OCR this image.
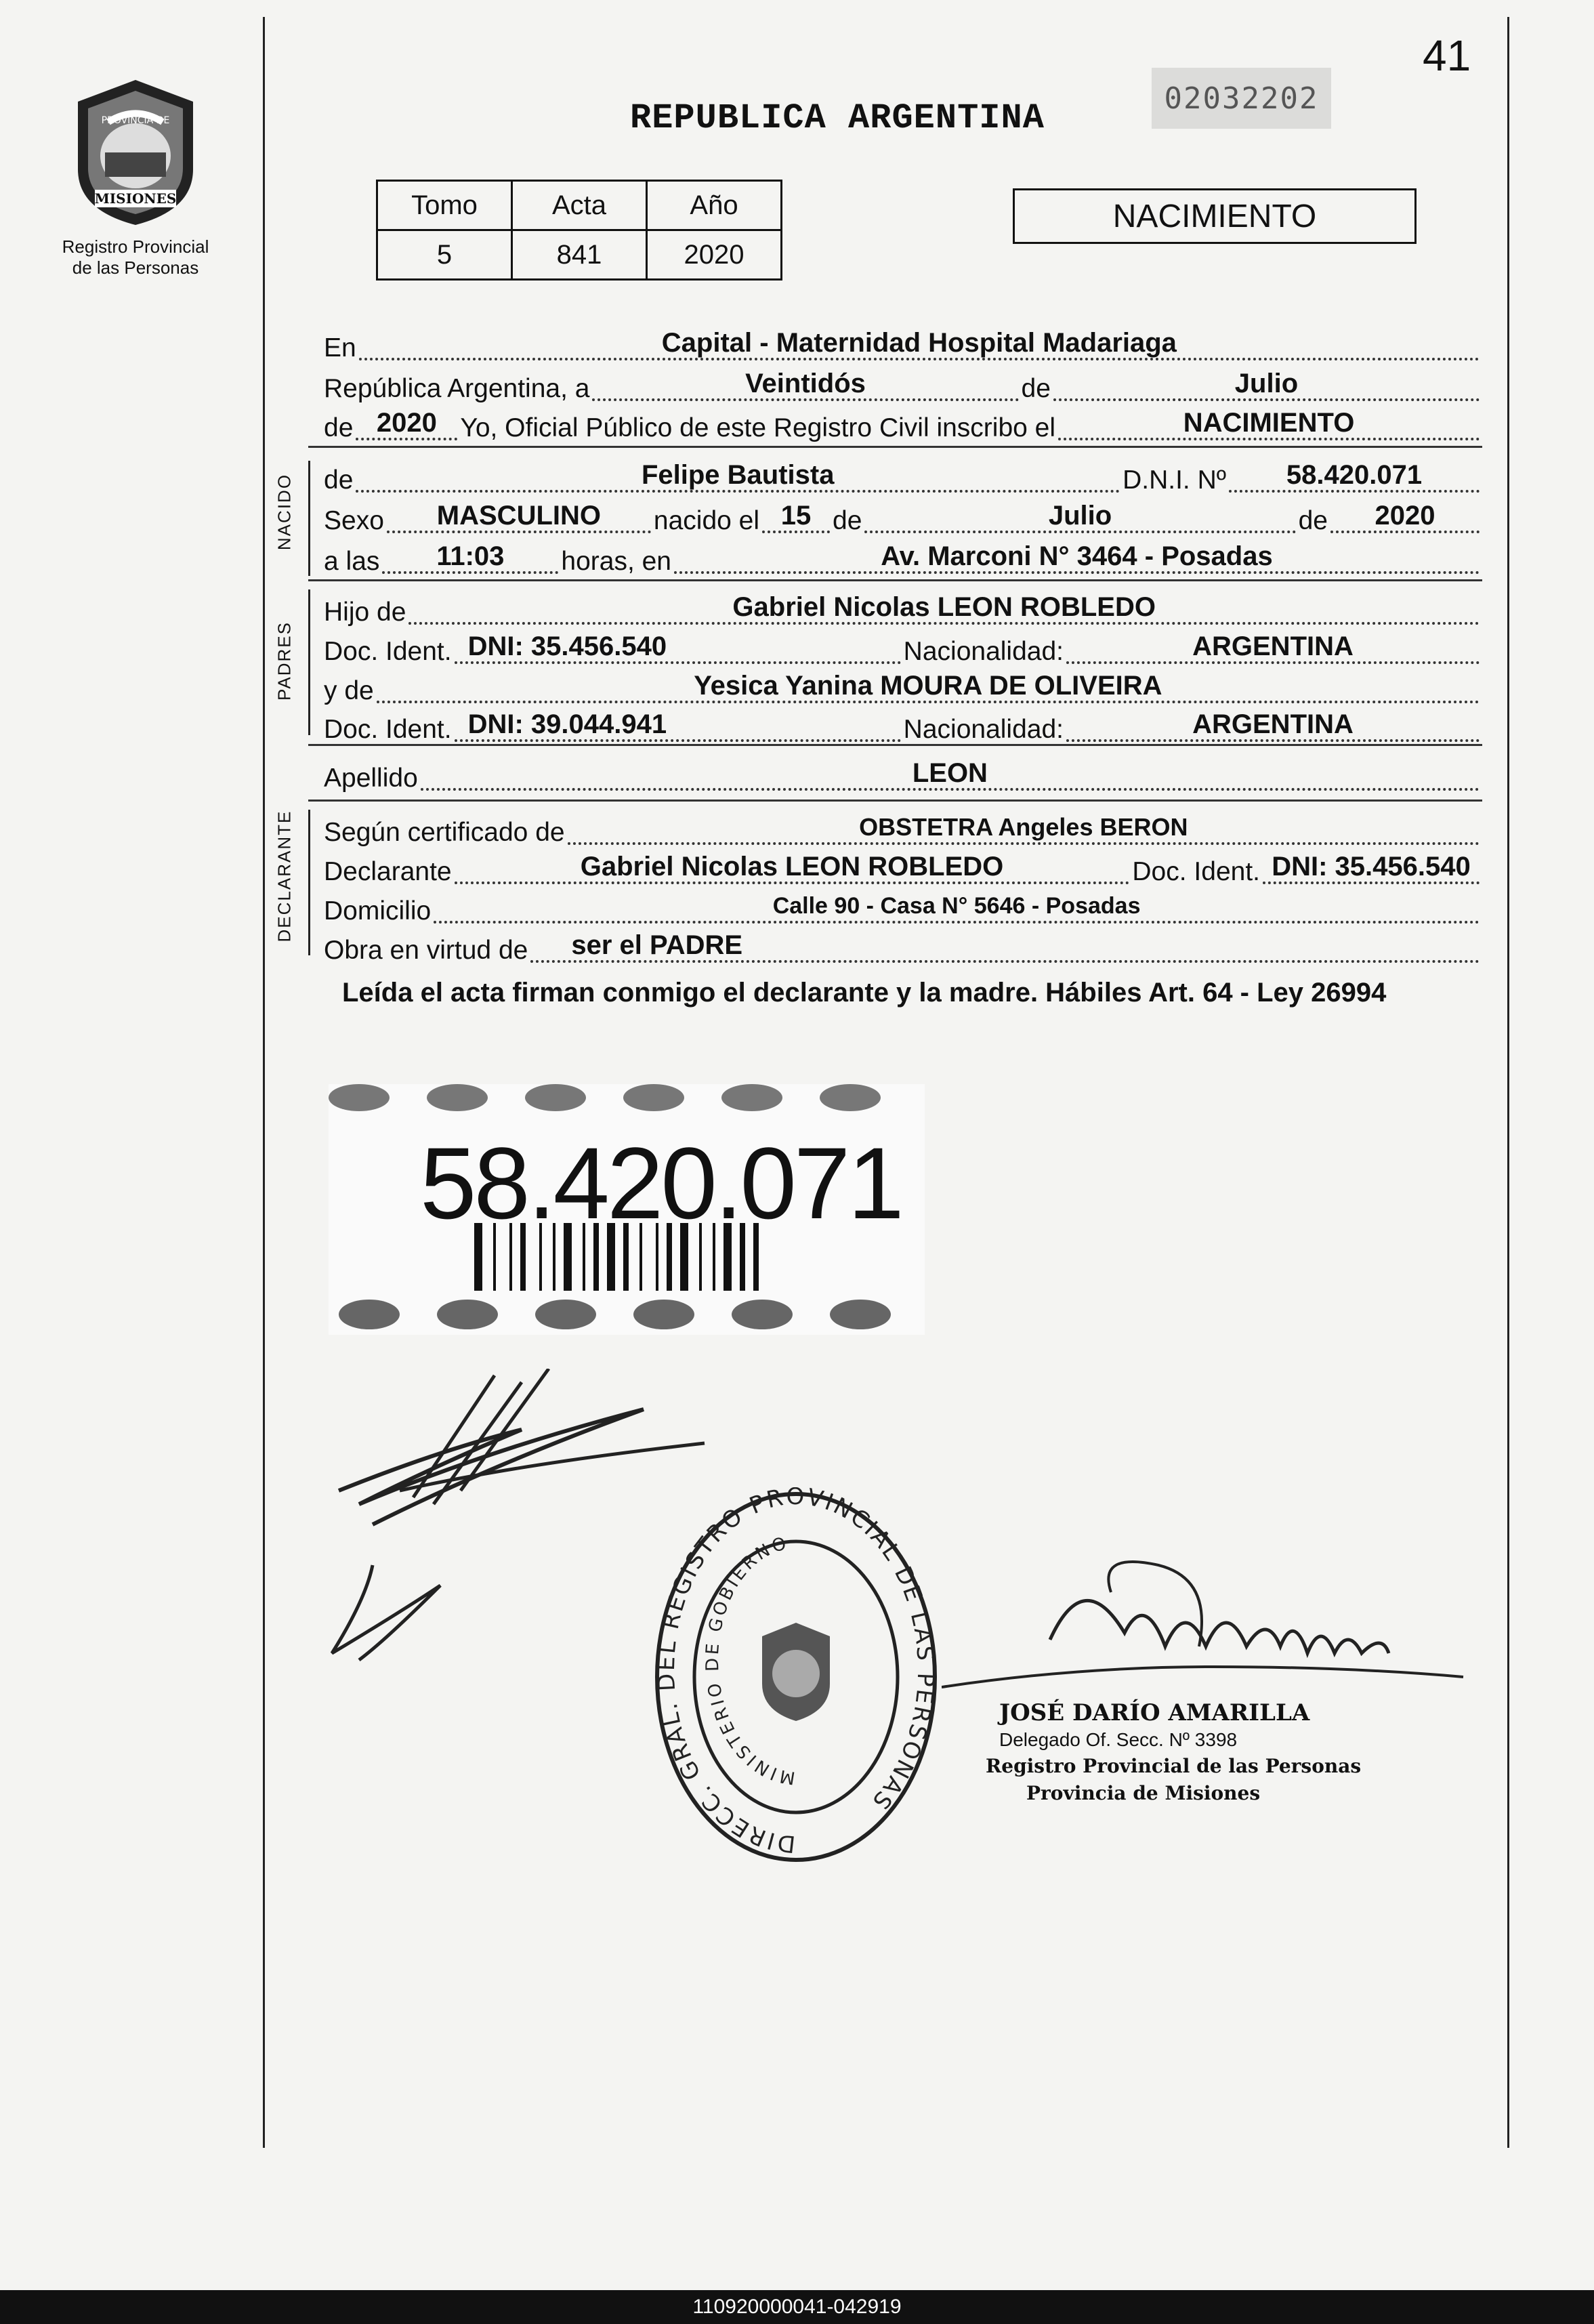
41
PROVINCIA DE
MISIONES
Registro Provincial
de las Personas
REPUBLICA ARGENTINA	02032202
Tomo	Acta	Año
5	841	2020
NACIMIENTO
En	Capital - Maternidad Hospital Madariaga
República Argentina, a	Veintidós	de	Julio
de 2020 Yo, Oficial Público de este Registro Civil inscribo el	NACIMIENTO
NACIDO de	Felipe Bautista	D.N.I. Nº	58.420.071
Sexo	MASCULINO	nacido el 15 de	Julio	de	2020
a las	11:03	horas, en	Av. Marconi N° 3464 - Posadas
PADRES
Hijo de	Gabriel Nicolas LEON ROBLEDO
Doc. Ident. DNI: 35.456.540	Nacionalidad:	ARGENTINA
y de	Yesica Yanina MOURA DE OLIVEIRA
Doc. Ident. DNI: 39.044.941	Nacionalidad:	ARGENTINA
Apellido	LEON
DECLARANTE Según certificado de	OBSTETRA Angeles BERON
Declarante	Gabriel Nicolas LEON ROBLEDO	Doc. Ident. DNI: 35.456.540
Domicilio	Calle 90 - Casa N° 5646 - Posadas
Obra en virtud de	ser el PADRE
Leída el acta firman conmigo el declarante y la madre. Hábiles Art. 64 - Ley 26994
58.420.071
DIRECC. GRAL. DEL REGISTRO PROVINCIAL DE LAS PERSONAS
MINISTERIO DE GOBIERNO
JOSÉ DARÍO AMARILLA
Delegado Of. Secc. Nº 3398
Registro Provincial de las Personas
Provincia de Misiones
110920000041-042919
